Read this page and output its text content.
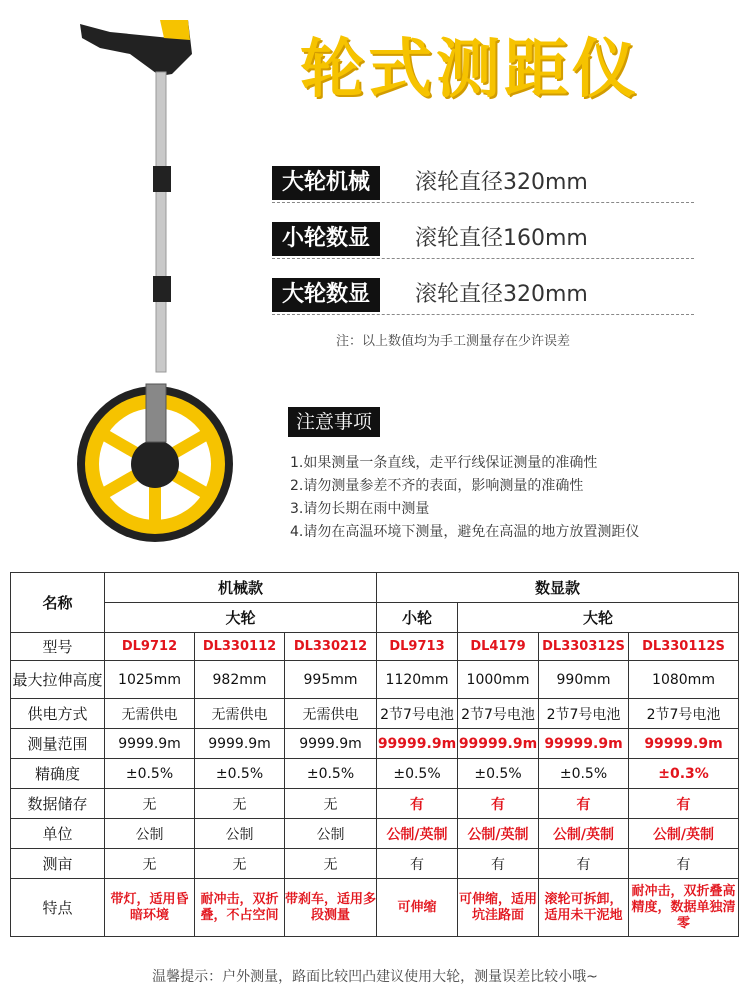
轮式测距仪
大轮机械	滚轮直径320mm
小轮数显	滚轮直径160mm
大轮数显	滚轮直径320mm
注：以上数值均为手工测量存在少许误差
注意事项
1.如果测量一条直线，走平行线保证测量的准确性
2.请勿测量参差不齐的表面，影响测量的准确性
3.请勿长期在雨中测量
4.请勿在高温环境下测量，避免在高温的地方放置测距仪
名称	机械款			数显款			
	大轮			小轮	大轮		
型号	DL9712	DL330112	DL330212	DL9713	DL4179	DL330312S	DL330112S
最大拉伸高度	1025mm	982mm	995mm	1120mm	1000mm	990mm	1080mm
供电方式	无需供电	无需供电	无需供电	2节7号电池	2节7号电池	2节7号电池	2节7号电池
测量范围	9999.9m	9999.9m	9999.9m	99999.9m	99999.9m	99999.9m	99999.9m
精确度	±0.5%	±0.5%	±0.5%	±0.5%	±0.5%	±0.5%	±0.3%
数据储存	无	无	无	有	有	有	有
单位	公制	公制	公制	公制/英制	公制/英制	公制/英制	公制/英制
测亩	无	无	无	有	有	有	有
特点	带灯，适用昏暗环境	耐冲击，双折叠，不占空间	带刹车，适用多段测量	可伸缩	可伸缩，适用坑洼路面	滚轮可拆卸，适用未干泥地	耐冲击，双折叠高精度，数据单独清零
温馨提示：户外测量，路面比较凹凸建议使用大轮，测量误差比较小哦~
